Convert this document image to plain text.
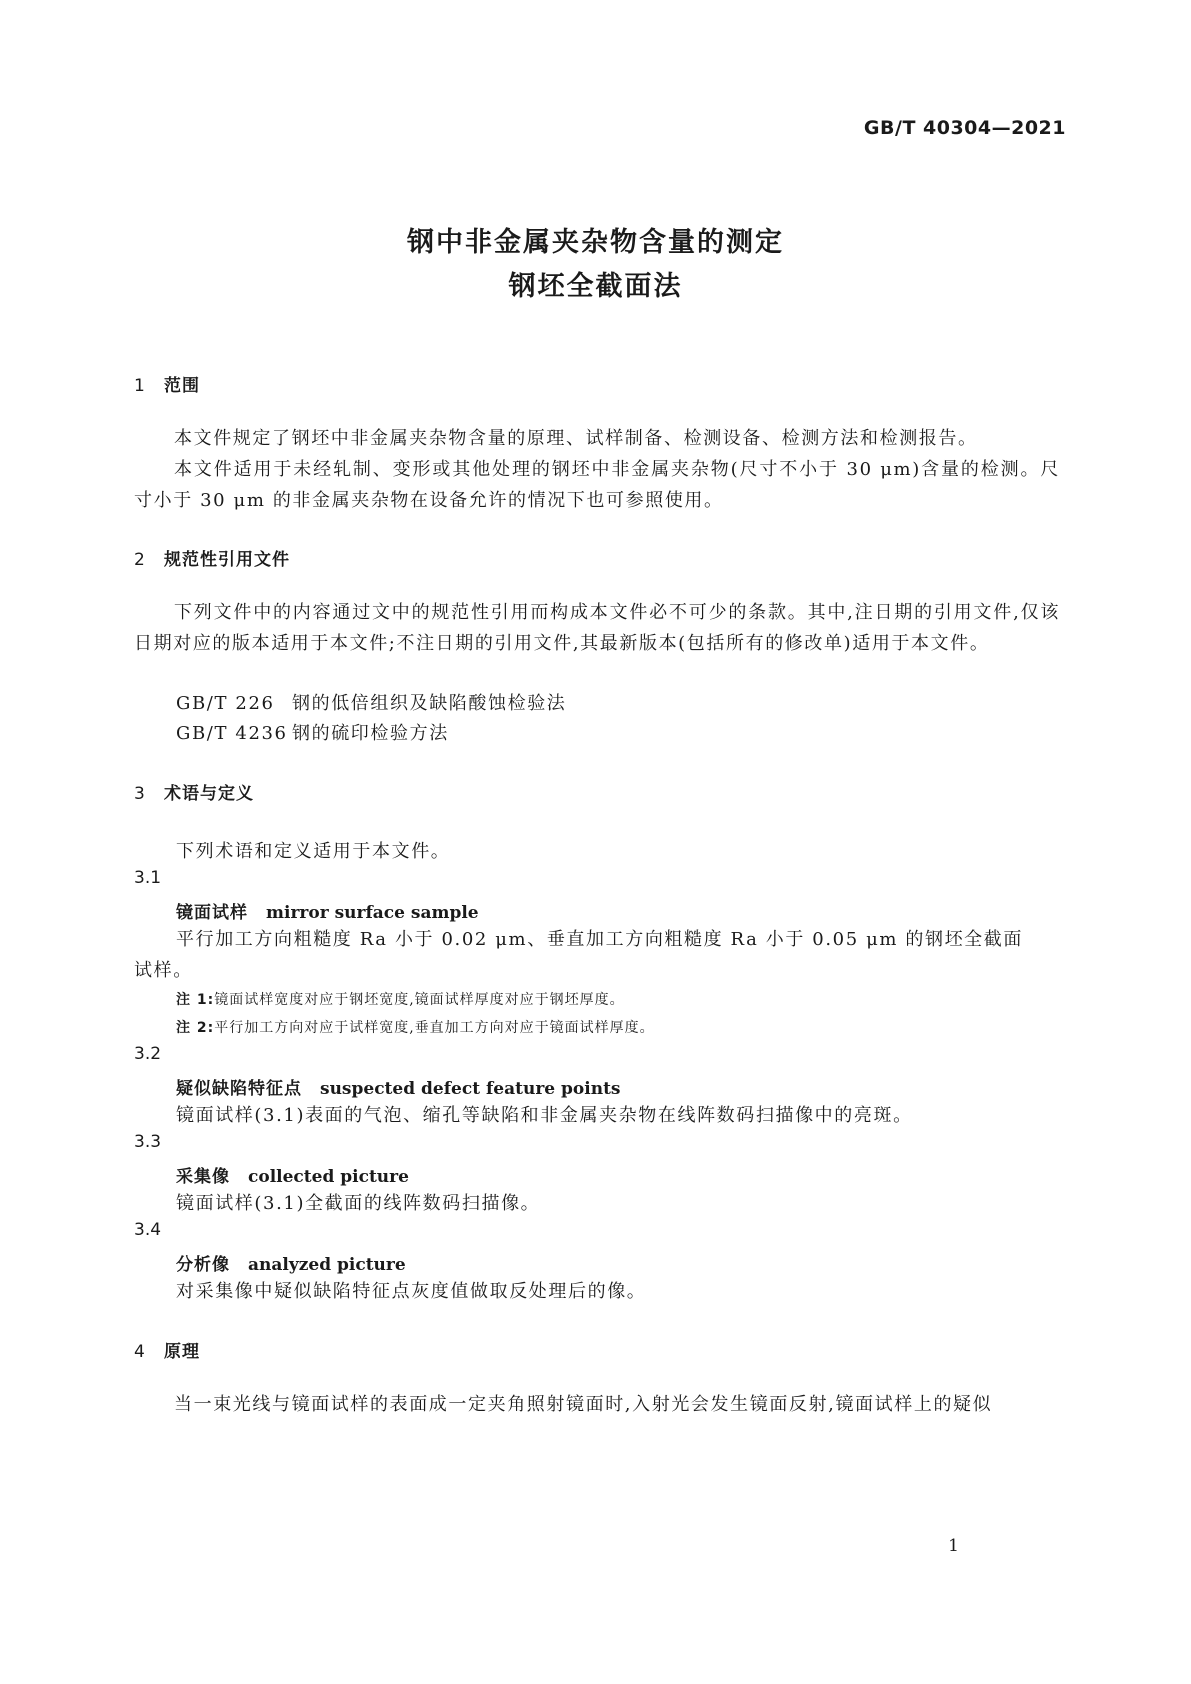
GB/T 40304—2021
钢中非金属夹杂物含量的测定
钢坯全截面法
1 范围
本文件规定了钢坯中非金属夹杂物含量的原理、试样制备、检测设备、检测方法和检测报告。
本文件适用于未经轧制、变形或其他处理的钢坯中非金属夹杂物(尺寸不小于 30 μm)含量的检测。尺寸小于 30 μm 的非金属夹杂物在设备允许的情况下也可参照使用。
2 规范性引用文件
下列文件中的内容通过文中的规范性引用而构成本文件必不可少的条款。其中,注日期的引用文件,仅该日期对应的版本适用于本文件;不注日期的引用文件,其最新版本(包括所有的修改单)适用于本文件。
GB/T 226 钢的低倍组织及缺陷酸蚀检验法
GB/T 4236 钢的硫印检验方法
3 术语与定义
下列术语和定义适用于本文件。
3.1
镜面试样 mirror surface sample
平行加工方向粗糙度 Ra 小于 0.02 μm、垂直加工方向粗糙度 Ra 小于 0.05 μm 的钢坯全截面
试样。
注 1:镜面试样宽度对应于钢坯宽度,镜面试样厚度对应于钢坯厚度。
注 2:平行加工方向对应于试样宽度,垂直加工方向对应于镜面试样厚度。
3.2
疑似缺陷特征点 suspected defect feature points
镜面试样(3.1)表面的气泡、缩孔等缺陷和非金属夹杂物在线阵数码扫描像中的亮斑。
3.3
采集像 collected picture
镜面试样(3.1)全截面的线阵数码扫描像。
3.4
分析像 analyzed picture
对采集像中疑似缺陷特征点灰度值做取反处理后的像。
4 原理
当一束光线与镜面试样的表面成一定夹角照射镜面时,入射光会发生镜面反射,镜面试样上的疑似
1
